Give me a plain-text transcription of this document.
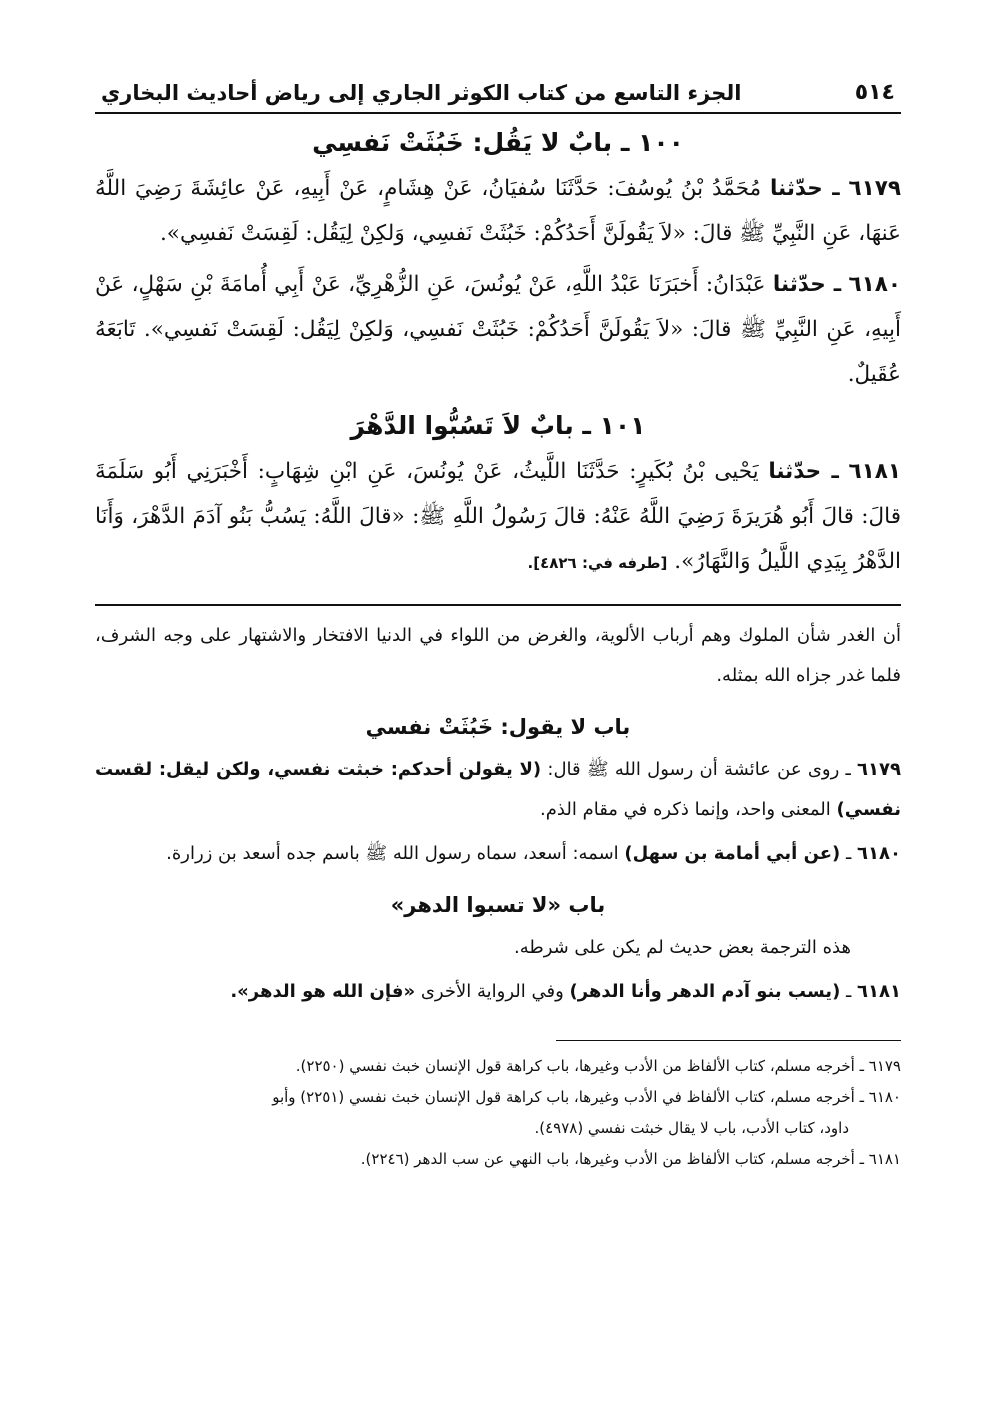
٥١٤
الجزء التاسع من كتاب الكوثر الجاري إلى رياض أحاديث البخاري
١٠٠ ـ بابٌ لا يَقُل: خَبُثَتْ نَفسِي

٦١٧٩ ـ حدّثنا مُحَمَّدُ بْنُ يُوسُفَ: حَدَّثَنَا سُفيَانُ، عَنْ هِشَامٍ، عَنْ أَبِيهِ، عَنْ عائِشَةَ رَضِيَ اللَّهُ عَنهَا، عَنِ النَّبِيِّ ﷺ قالَ: «لاَ يَقُولَنَّ أَحَدُكُمْ: خَبُثَتْ نَفسِي، وَلكِنْ لِيَقُل: لَقِسَتْ نَفسِي».

٦١٨٠ ـ حدّثنا عَبْدَانُ: أَخبَرَنَا عَبْدُ اللَّهِ، عَنْ يُونُسَ، عَنِ الزُّهْرِيِّ، عَنْ أَبِي أُمامَةَ بْنِ سَهْلٍ، عَنْ أَبِيهِ، عَنِ النَّبِيِّ ﷺ قالَ: «لاَ يَقُولَنَّ أَحَدُكُمْ: خَبُثَتْ نَفسِي، وَلكِنْ لِيَقُل: لَقِسَتْ نَفسِي». تَابَعَهُ عُقَيلٌ.

١٠١ ـ بابٌ لاَ تَسُبُّوا الدَّهْرَ

٦١٨١ ـ حدّثنا يَحْيى بْنُ بُكَيرٍ: حَدَّثَنَا اللَّيثُ، عَنْ يُونُسَ، عَنِ ابْنِ شِهَابٍ: أَخْبَرَنِي أَبُو سَلَمَةَ قالَ: قالَ أَبُو هُرَيرَةَ رَضِيَ اللَّهُ عَنْهُ: قالَ رَسُولُ اللَّهِ ﷺ: «قالَ اللَّهُ: يَسُبُّ بَنُو آدَمَ الدَّهْرَ، وَأَنَا الدَّهْرُ بِيَدِي اللَّيلُ وَالنَّهَارُ». [طرفه في: ٤٨٢٦].

أن الغدر شأن الملوك وهم أرباب الألوية، والغرض من اللواء في الدنيا الافتخار والاشتهار على وجه الشرف، فلما غدر جزاه الله بمثله.

باب لا يقول: خَبُثَتْ نفسي

٦١٧٩ ـ روى عن عائشة أن رسول الله ﷺ قال: (لا يقولن أحدكم: خبثت نفسي، ولكن ليقل: لقست نفسي) المعنى واحد، وإنما ذكره في مقام الذم.

٦١٨٠ ـ (عن أبي أمامة بن سهل) اسمه: أسعد، سماه رسول الله ﷺ باسم جده أسعد بن زرارة.

باب «لا تسبوا الدهر»

هذه الترجمة بعض حديث لم يكن على شرطه.

٦١٨١ ـ (يسب بنو آدم الدهر وأنا الدهر) وفي الرواية الأخرى «فإن الله هو الدهر».

٦١٧٩ ـ أخرجه مسلم، كتاب الألفاظ من الأدب وغيرها، باب كراهة قول الإنسان خبث نفسي (٢٢٥٠).

٦١٨٠ ـ أخرجه مسلم، كتاب الألفاظ في الأدب وغيرها، باب كراهة قول الإنسان خبث نفسي (٢٢٥١) وأبو

داود، كتاب الأدب، باب لا يقال خبثت نفسي (٤٩٧٨).

٦١٨١ ـ أخرجه مسلم، كتاب الألفاظ من الأدب وغيرها، باب النهي عن سب الدهر (٢٢٤٦).
